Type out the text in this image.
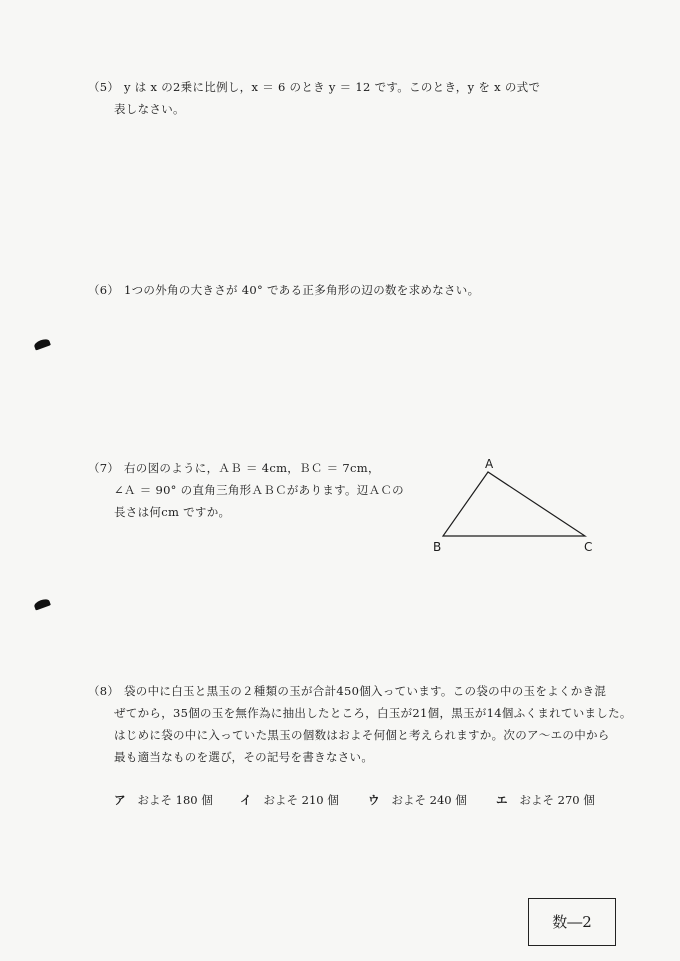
（5） y は x の2乗に比例し，x ＝ 6 のとき y ＝ 12 です。このとき，y を x の式で
表しなさい。
（6） 1つの外角の大きさが 40° である正多角形の辺の数を求めなさい。
（7） 右の図のように，ＡＢ ＝ 4cm，ＢＣ ＝ 7cm，
∠Ａ ＝ 90° の直角三角形ＡＢＣがあります。辺ＡＣの
長さは何cm ですか。
A
B	C
（8） 袋の中に白玉と黒玉の２種類の玉が合計450個入っています。この袋の中の玉をよくかき混
ぜてから，35個の玉を無作為に抽出したところ，白玉が21個，黒玉が14個ふくまれていました。
はじめに袋の中に入っていた黒玉の個数はおよそ何個と考えられますか。次のア～エの中から
最も適当なものを選び，その記号を書きなさい。
ア およそ 180 個 イ およそ 210 個	ウ およそ 240 個	エ およそ 270 個
数―2
